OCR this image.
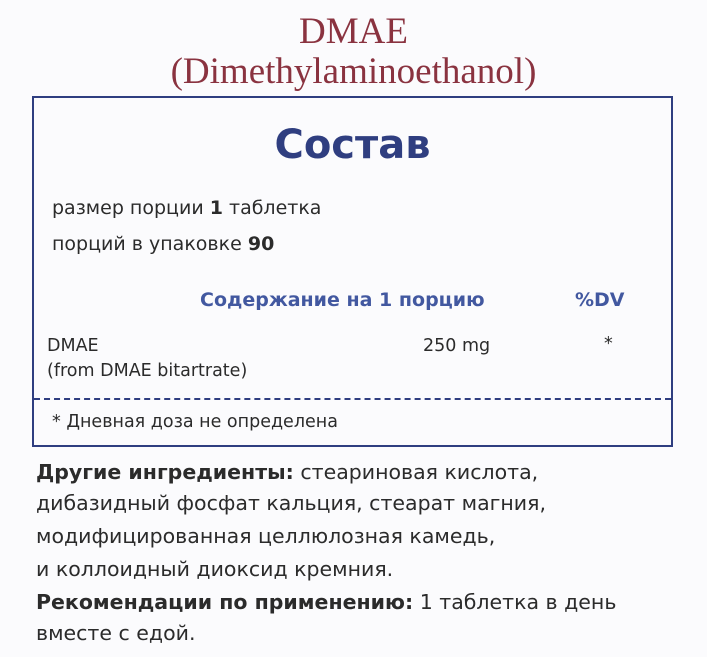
DMAE
(Dimethylaminoethanol)
Состав
размер порции 1 таблетка
порций в упаковке 90
Содержание на 1 порцию	%DV
DMAE
(from DMAE bitartrate)
250 mg	*
* Дневная доза не определена
Другие ингредиенты: стеариновая кислота,
дибазидный фосфат кальция, стеарат магния,
модифицированная целлюлозная камедь,
и коллоидный диоксид кремния.
Рекомендации по применению: 1 таблетка в день
вместе с едой.
